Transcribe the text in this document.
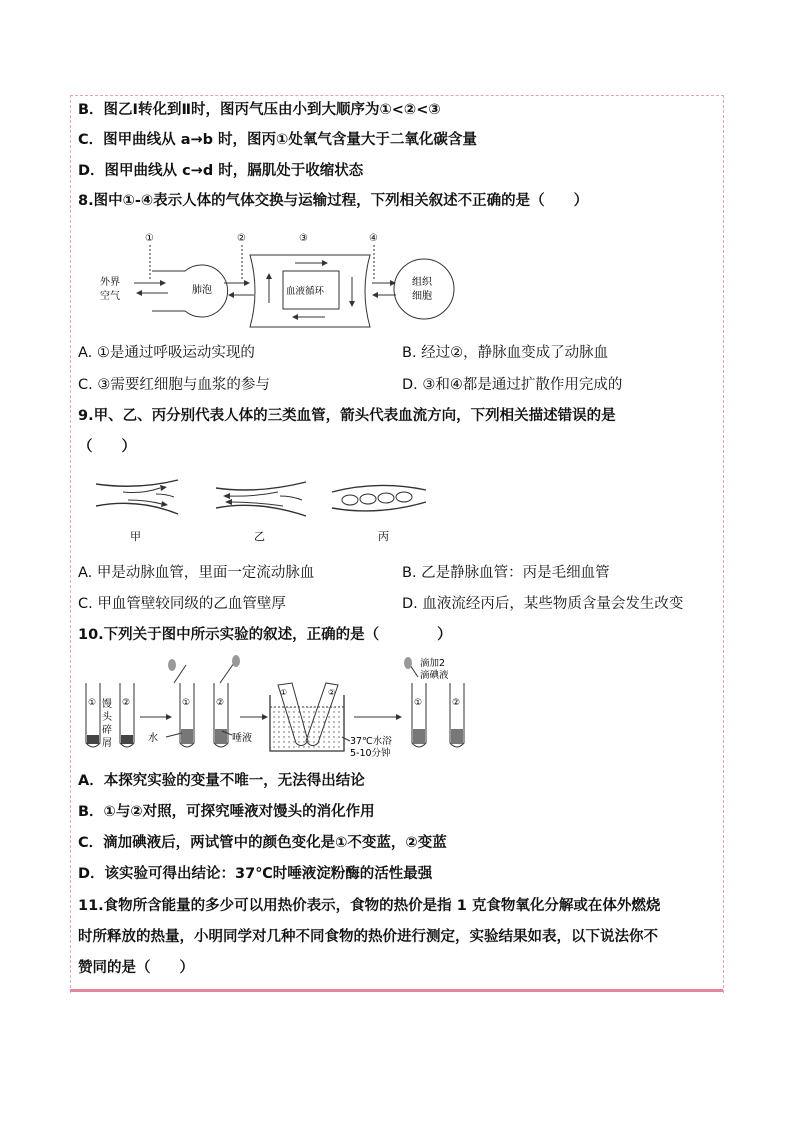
B．图乙Ⅰ转化到Ⅱ时，图丙气压由小到大顺序为①<②<③
C．图甲曲线从 a→b 时，图丙①处氧气含量大于二氧化碳含量
D．图甲曲线从 c→d 时，膈肌处于收缩状态
8.图中①-④表示人体的气体交换与运输过程，下列相关叙述不正确的是（　　）
①	②	③	④
外界
空气
肺泡	血液循环
组织
细胞
A. ①是通过呼吸运动实现的	B. 经过②，静脉血变成了动脉血
C. ③需要红细胞与血浆的参与	D. ③和④都是通过扩散作用完成的
9.甲、乙、丙分别代表人体的三类血管，箭头代表血流方向，下列相关描述错误的是
（　　）
甲	乙	丙
A. 甲是动脉血管，里面一定流动脉血	B. 乙是静脉血管：丙是毛细血管
C. 甲血管壁较同级的乙血管壁厚	D. 血液流经丙后，某些物质含量会发生改变
10.下列关于图中所示实验的叙述，正确的是（　　　　）
①	②
馒
头
碎
屑
①	②
水	唾液
①	②
37℃水浴
5-10分钟
①	②
滴加2
滴碘液
A．本探究实验的变量不唯一，无法得出结论
B．①与②对照，可探究唾液对馒头的消化作用
C．滴加碘液后，两试管中的颜色变化是①不变蓝，②变蓝
D．该实验可得出结论：37℃时唾液淀粉酶的活性最强
11.食物所含能量的多少可以用热价表示，食物的热价是指 1 克食物氧化分解或在体外燃烧
时所释放的热量，小明同学对几种不同食物的热价进行测定，实验结果如表，以下说法你不
赞同的是（　　）
